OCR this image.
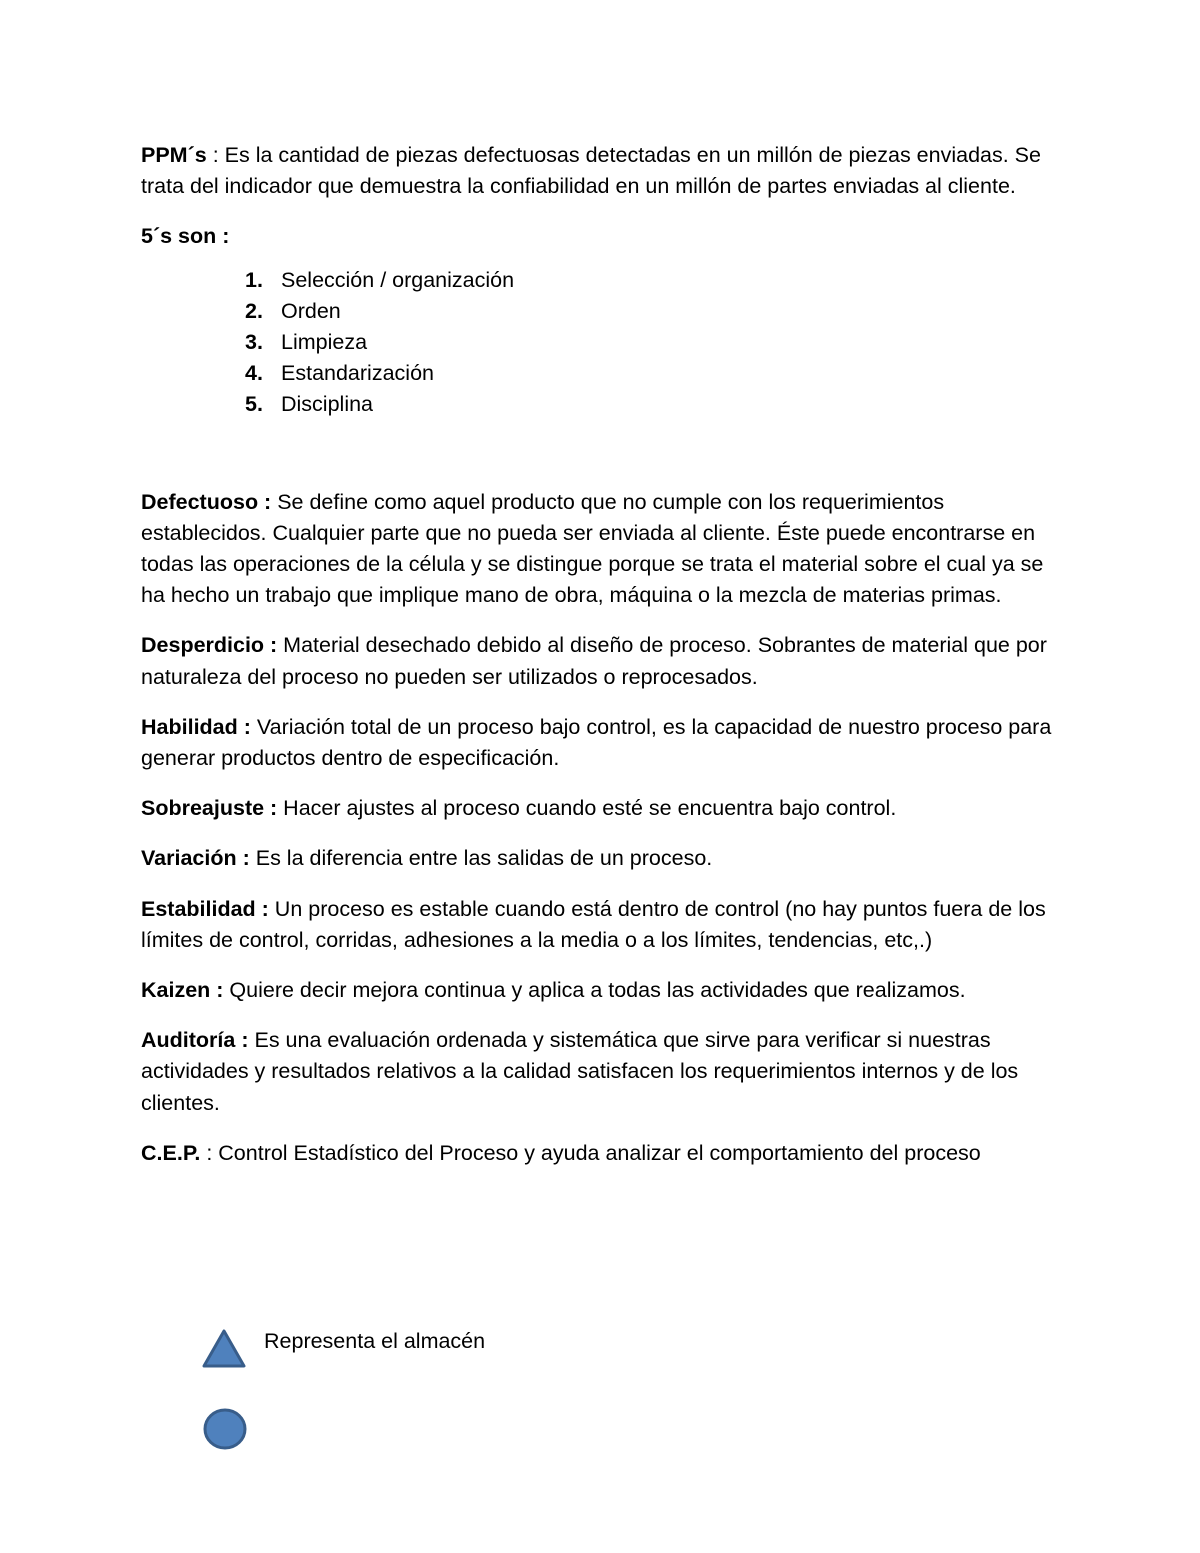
PPM´s : Es la cantidad de piezas defectuosas detectadas en un millón de piezas enviadas. Se trata del indicador que demuestra la confiabilidad en un millón de partes enviadas al cliente.

5´s son :

1. Selección / organización
2. Orden
3. Limpieza
4. Estandarización
5. Disciplina

Defectuoso : Se define como aquel producto que no cumple con los requerimientos establecidos. Cualquier parte que no pueda ser enviada al cliente. Éste puede encontrarse en todas las operaciones de la célula y se distingue porque se trata el material sobre el cual ya se ha hecho un trabajo que implique mano de obra, máquina o la mezcla de materias primas.

Desperdicio : Material desechado debido al diseño de proceso. Sobrantes de material que por naturaleza del proceso no pueden ser utilizados o reprocesados.

Habilidad : Variación total de un proceso bajo control, es la capacidad de nuestro proceso para generar productos dentro de especificación.

Sobreajuste : Hacer ajustes al proceso cuando esté se encuentra bajo control.

Variación : Es la diferencia entre las salidas de un proceso.

Estabilidad : Un proceso es estable cuando está dentro de control (no hay puntos fuera de los límites de control, corridas, adhesiones a la media o a los límites, tendencias, etc,.)

Kaizen : Quiere decir mejora continua y aplica a todas las actividades que realizamos.

Auditoría : Es una evaluación ordenada y sistemática que sirve para verificar si nuestras actividades y resultados relativos a la calidad satisfacen los requerimientos internos y de los clientes.

C.E.P. : Control Estadístico del Proceso y ayuda analizar el comportamiento del proceso

Representa el almacén
